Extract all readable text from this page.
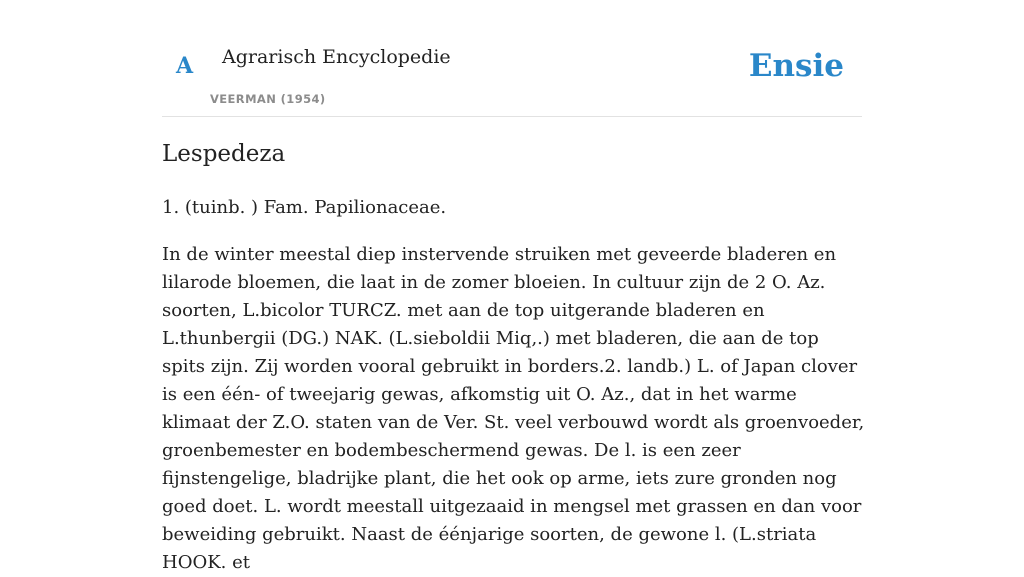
A Agrarisch Encyclopedie
VEERMAN (1954)
Ensie
Lespedeza

1. (tuinb. ) Fam. Papilionaceae.

In de winter meestal diep instervende struiken met geveerde bladeren en lilarode bloemen, die laat in de zomer bloeien. In cultuur zijn de 2 O. Az. soorten, L.bicolor TURCZ. met aan de top uitgerande bladeren en L.thunbergii (DG.) NAK. (L.sieboldii Miq,.) met bladeren, die aan de top spits zijn. Zij worden vooral gebruikt in borders.2. landb.) L. of Japan clover is een één- of tweejarig gewas, afkomstig uit O. Az., dat in het warme klimaat der Z.O. staten van de Ver. St. veel verbouwd wordt als groenvoeder, groenbemester en bodembeschermend gewas. De l. is een zeer fijnstengelige, bladrijke plant, die het ook op arme, iets zure gronden nog goed doet. L. wordt meestall uitgezaaid in mengsel met grassen en dan voor beweiding gebruikt. Naast de éénjarige soorten, de gewone l. (L.striata HOOK. et
